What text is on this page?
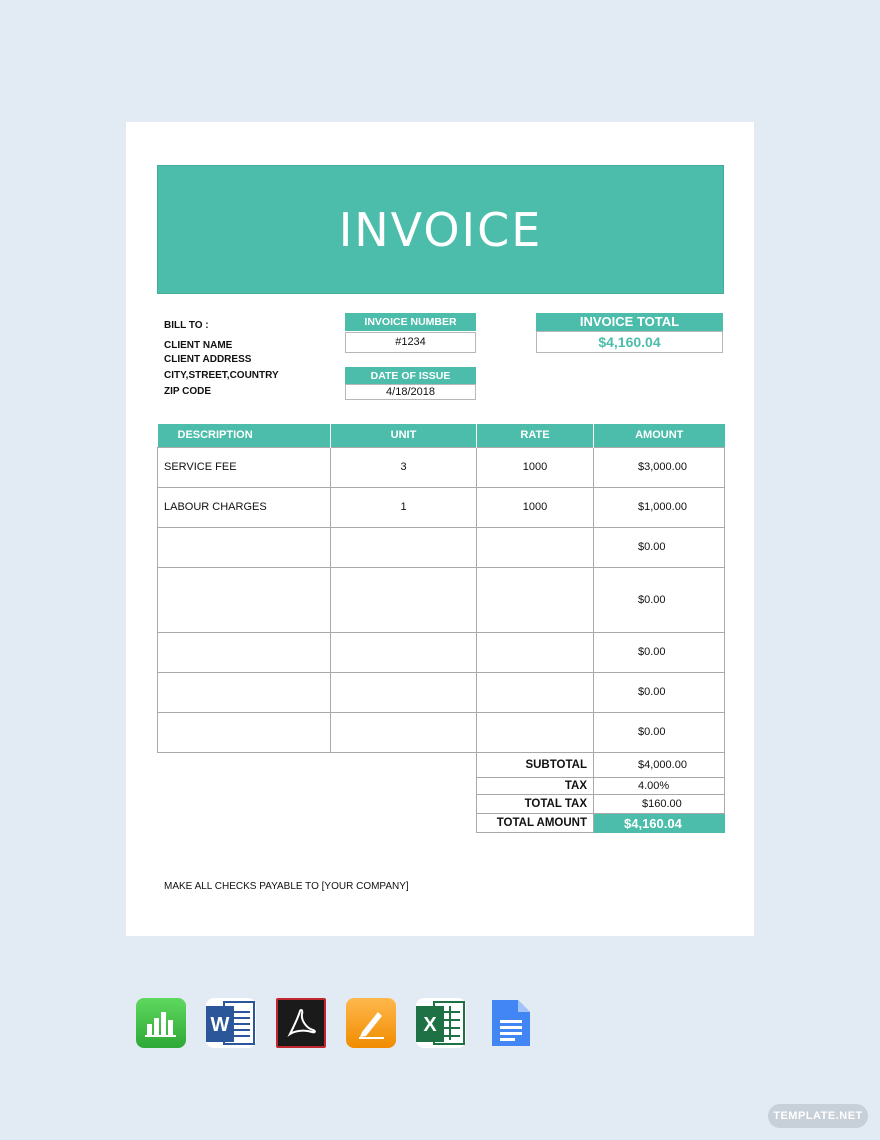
INVOICE
BILL TO :
CLIENT NAME
CLIENT ADDRESS
CITY,STREET,COUNTRY
ZIP CODE
INVOICE NUMBER
#1234
DATE OF ISSUE
4/18/2018
INVOICE TOTAL
$4,160.04
DESCRIPTION	UNIT	RATE	AMOUNT
SERVICE FEE	3	1000	$3,000.00
LABOUR CHARGES	1	1000	$1,000.00
			$0.00
			$0.00
			$0.00
			$0.00
			$0.00
SUBTOTAL	$4,000.00
TAX	4.00%
TOTAL TAX	$160.00
TOTAL AMOUNT	$4,160.04
MAKE ALL CHECKS PAYABLE TO [YOUR COMPANY]
W	X
TEMPLATE.NET
